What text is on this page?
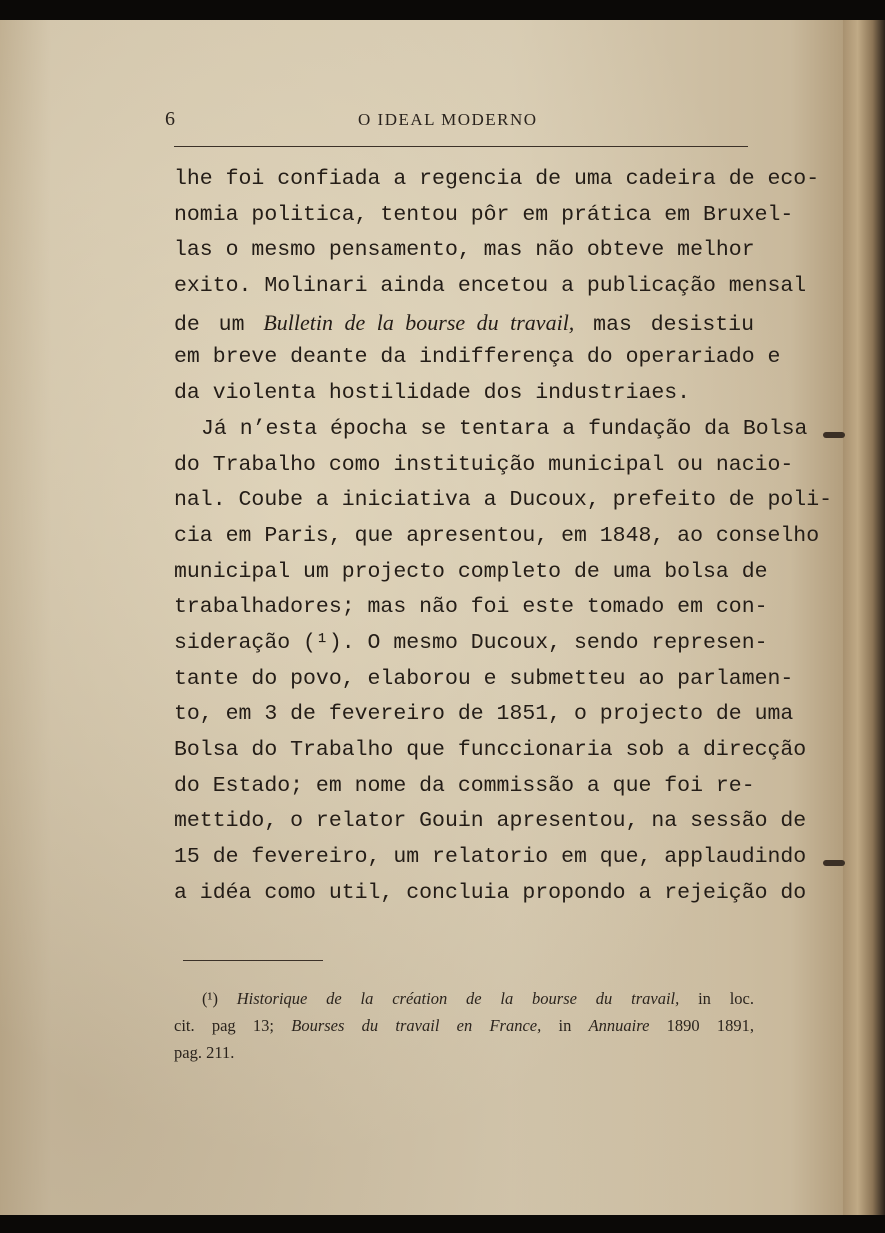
6	O IDEAL MODERNO
lhe foi confiada a regencia de uma cadeira de eco-
nomia politica, tentou pôr em prática em Bruxel-
las o mesmo pensamento, mas não obteve melhor
exito. Molinari ainda encetou a publicação mensal
de um Bulletin de la bourse du travail, mas desistiu
em breve deante da indifferença do operariado e
da violenta hostilidade dos industriaes.
Já n’esta épocha se tentara a fundação da Bolsa
do Trabalho como instituição municipal ou nacio-
nal. Coube a iniciativa a Ducoux, prefeito de poli-
cia em Paris, que apresentou, em 1848, ao conselho
municipal um projecto completo de uma bolsa de
trabalhadores; mas não foi este tomado em con-
sideração (¹). O mesmo Ducoux, sendo represen-
tante do povo, elaborou e submetteu ao parlamen-
to, em 3 de fevereiro de 1851, o projecto de uma
Bolsa do Trabalho que funccionaria sob a direcção
do Estado; em nome da commissão a que foi re-
mettido, o relator Gouin apresentou, na sessão de
15 de fevereiro, um relatorio em que, applaudindo
a idéa como util, concluia propondo a rejeição do
(¹) Historique de la création de la bourse du travail, in loc.
cit. pag 13; Bourses du travail en France, in Annuaire 1890 1891,
pag. 211.
